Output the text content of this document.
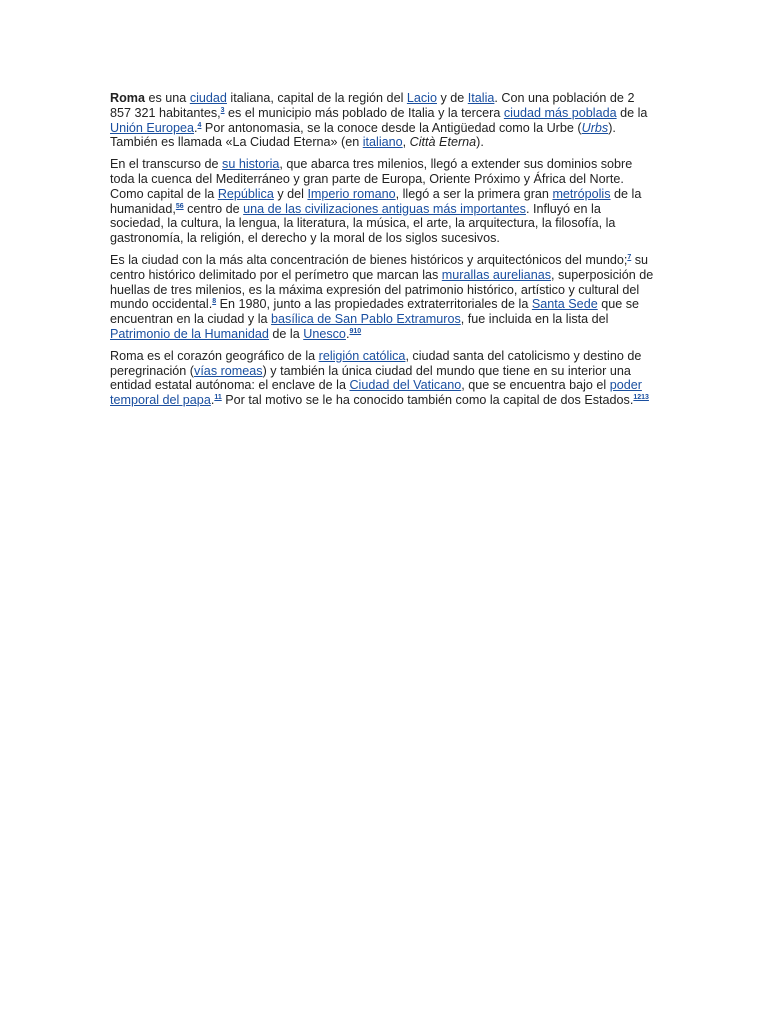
Roma es una ciudad italiana, capital de la región del Lacio y de Italia. Con una población de 2 857 321 habitantes,$^3$ es el municipio más poblado de Italia y la tercera ciudad más poblada de la Unión Europea.$^4$ Por antonomasia, se la conoce desde la Antigüedad como la Urbe (Urbs). También es llamada «La Ciudad Eterna» (en italiano, Città Eterna).

En el transcurso de su historia, que abarca tres milenios, llegó a extender sus dominios sobre toda la cuenca del Mediterráneo y gran parte de Europa, Oriente Próximo y África del Norte. Como capital de la República y del Imperio romano, llegó a ser la primera gran metrópolis de la humanidad,$^{56}$ centro de una de las civilizaciones antiguas más importantes. Influyó en la sociedad, la cultura, la lengua, la literatura, la música, el arte, la arquitectura, la filosofía, la gastronomía, la religión, el derecho y la moral de los siglos sucesivos.

Es la ciudad con la más alta concentración de bienes históricos y arquitectónicos del mundo;$^7$ su centro histórico delimitado por el perímetro que marcan las murallas aurelianas, superposición de huellas de tres milenios, es la máxima expresión del patrimonio histórico, artístico y cultural del mundo occidental.$^8$ En 1980, junto a las propiedades extraterritoriales de la Santa Sede que se encuentran en la ciudad y la basílica de San Pablo Extramuros, fue incluida en la lista del Patrimonio de la Humanidad de la Unesco.$^{910}$

Roma es el corazón geográfico de la religión católica, ciudad santa del catolicismo y destino de peregrinación (vías romeas) y también la única ciudad del mundo que tiene en su interior una entidad estatal autónoma: el enclave de la Ciudad del Vaticano, que se encuentra bajo el poder temporal del papa.$^{11}$ Por tal motivo se le ha conocido también como la capital de dos Estados.$^{1213}$
